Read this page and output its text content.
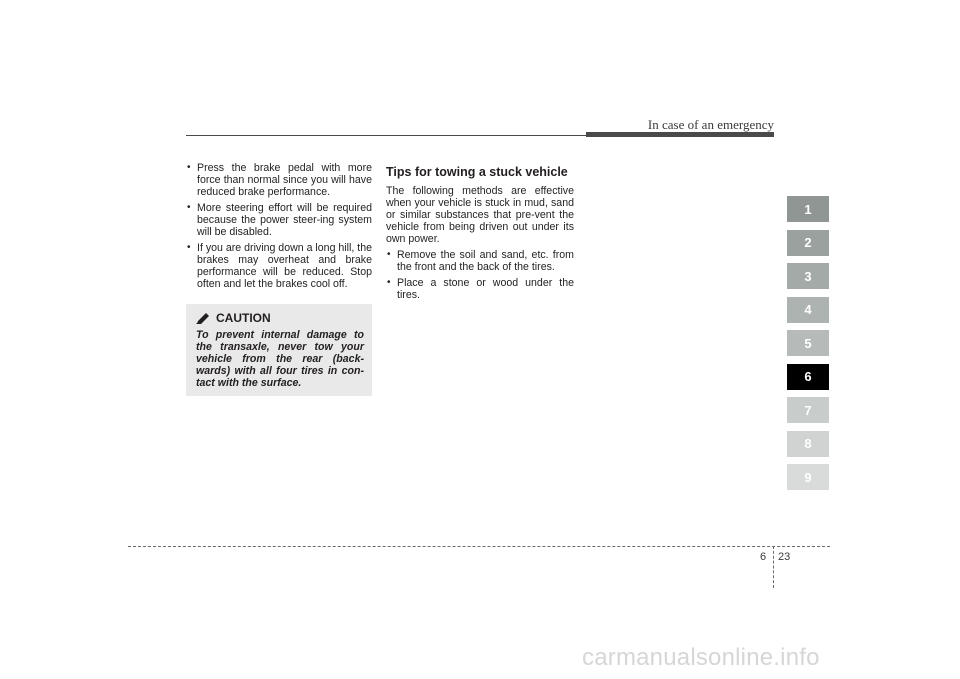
In case of an emergency
• Press the brake pedal with more force than normal since you will have reduced brake performance.
• More steering effort will be required because the power steer-ing system will be disabled.
• If you are driving down a long hill, the brakes may overheat and brake performance will be reduced. Stop often and let the brakes cool off.
CAUTION
To prevent internal damage to the transaxle, never tow your vehicle from the rear (back-wards) with all four tires in con-tact with the surface.
Tips for towing a stuck vehicle
The following methods are effective when your vehicle is stuck in mud, sand or similar substances that pre-vent the vehicle from being driven out under its own power.
• Remove the soil and sand, etc. from the front and the back of the tires.
• Place a stone or wood under the tires.
1
2
3
4
5
6
7
8
9
6 23
carmanualsonline.info
